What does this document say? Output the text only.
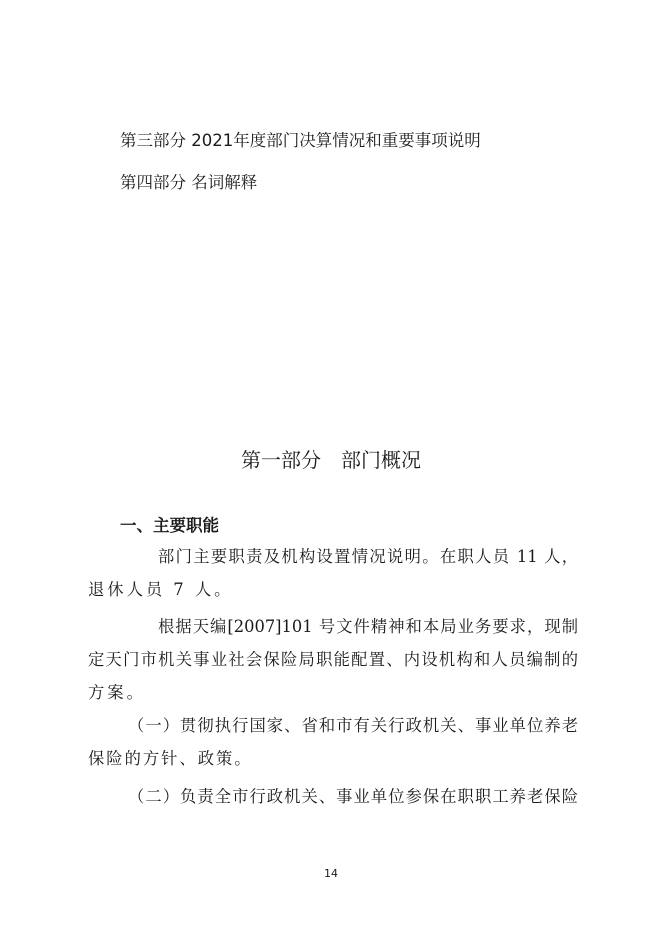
第三部分 2021年度部门决算情况和重要事项说明
第四部分 名词解释
第一部分　部门概况
一、主要职能
部门主要职责及机构设置情况说明。在职人员 11 人，
退休人员 7 人。
根据天编[2007]101 号文件精神和本局业务要求，现制
定天门市机关事业社会保险局职能配置、内设机构和人员编制的
方案。
（一）贯彻执行国家、省和市有关行政机关、事业单位养老
保险的方针、政策。
（二）负责全市行政机关、事业单位参保在职职工养老保险
14
